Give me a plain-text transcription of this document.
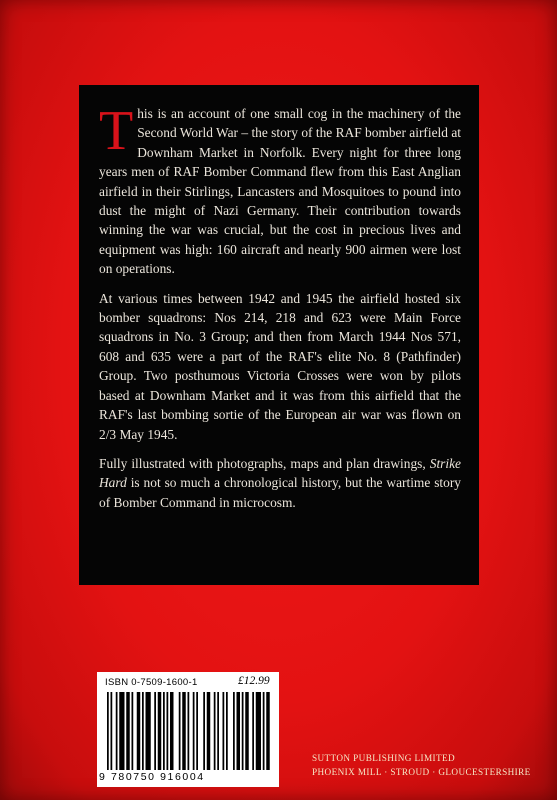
This is an account of one small cog in the machinery of the Second World War – the story of the RAF bomber airfield at Downham Market in Norfolk. Every night for three long years men of RAF Bomber Command flew from this East Anglian airfield in their Stirlings, Lancasters and Mosquitoes to pound into dust the might of Nazi Germany. Their contribution towards winning the war was crucial, but the cost in precious lives and equipment was high: 160 aircraft and nearly 900 airmen were lost on operations.

At various times between 1942 and 1945 the airfield hosted six bomber squadrons: Nos 214, 218 and 623 were Main Force squadrons in No. 3 Group; and then from March 1944 Nos 571, 608 and 635 were a part of the RAF's elite No. 8 (Pathfinder) Group. Two posthumous Victoria Crosses were won by pilots based at Downham Market and it was from this airfield that the RAF's last bombing sortie of the European air war was flown on 2/3 May 1945.

Fully illustrated with photographs, maps and plan drawings, Strike Hard is not so much a chronological history, but the wartime story of Bomber Command in microcosm.

ISBN 0-7509-1600-1	£12.99
9 780750 916004
SUTTON PUBLISHING LIMITED
PHOENIX MILL · STROUD · GLOUCESTERSHIRE
